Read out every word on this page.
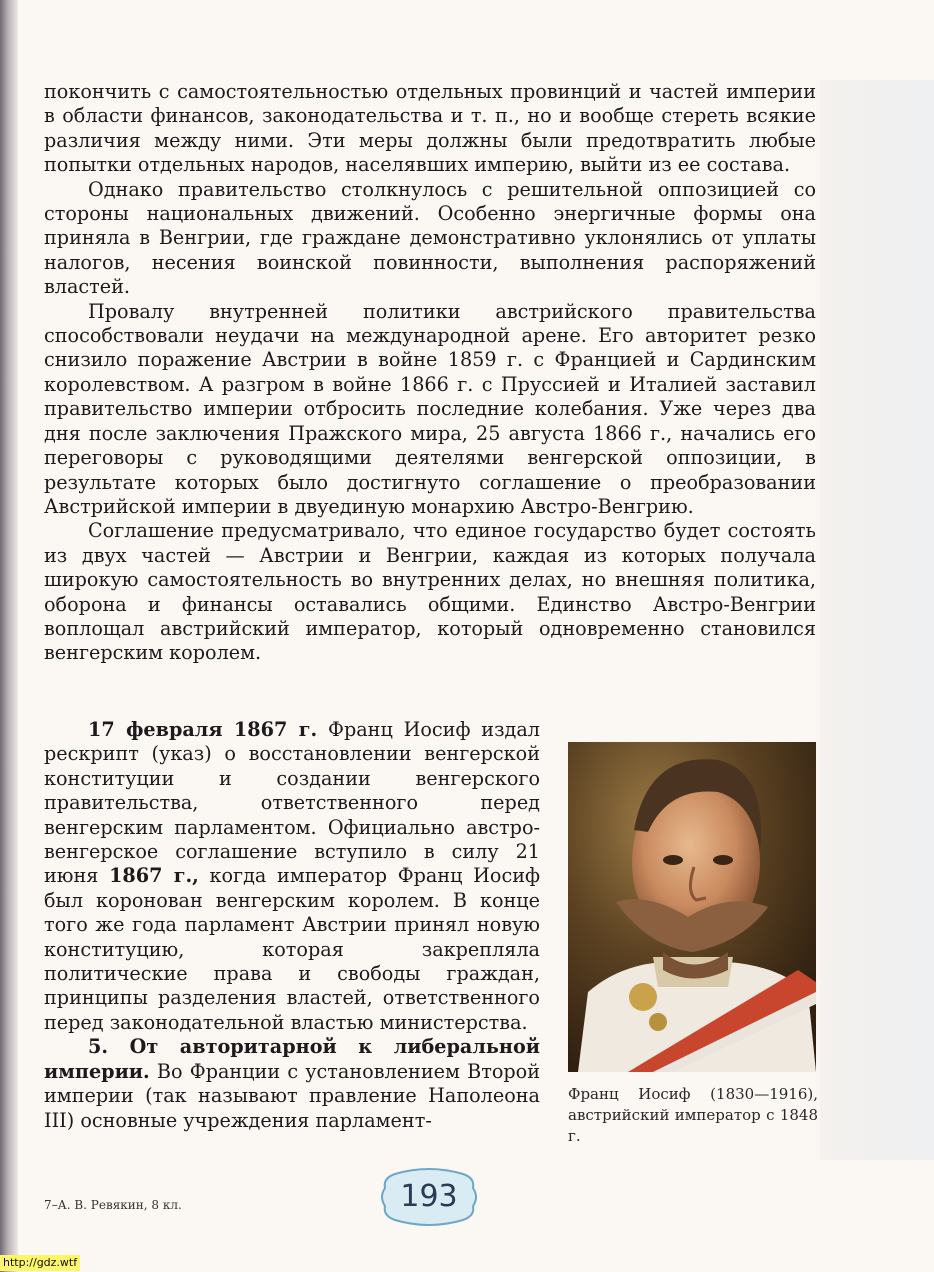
покончить с самостоятельностью отдельных провинций и частей империи в области финансов, законодательства и т. п., но и вообще стереть всякие различия между ними. Эти меры должны были предотвратить любые попытки отдельных народов, населявших империю, выйти из ее состава.

Однако правительство столкнулось с решительной оппозицией со стороны национальных движений. Особенно энергичные формы она приняла в Венгрии, где граждане демонстративно уклонялись от уплаты налогов, несения воинской повинности, выполнения распоряжений властей.

Провалу внутренней политики австрийского правительства способствовали неудачи на международной арене. Его авторитет резко снизило поражение Австрии в войне 1859 г. с Францией и Сардинским королевством. А разгром в войне 1866 г. с Пруссией и Италией заставил правительство империи отбросить последние колебания. Уже через два дня после заключения Пражского мира, 25 августа 1866 г., начались его переговоры с руководящими деятелями венгерской оппозиции, в результате которых было достигнуто соглашение о преобразовании Австрийской империи в двуединую монархию Австро-Венгрию.

Соглашение предусматривало, что единое государство будет состоять из двух частей — Австрии и Венгрии, каждая из которых получала широкую самостоятельность во внутренних делах, но внешняя политика, оборона и финансы оставались общими. Единство Австро-Венгрии воплощал австрийский император, который одновременно становился венгерским королем.

17 февраля 1867 г. Франц Иосиф издал рескрипт (указ) о восстановлении венгерской конституции и создании венгерского правительства, ответственного перед венгерским парламентом. Официально австро-венгерское соглашение вступило в силу 21 июня 1867 г., когда император Франц Иосиф был коронован венгерским королем. В конце того же года парламент Австрии принял новую конституцию, которая закрепляла политические права и свободы граждан, принципы разделения властей, ответственного перед законодательной властью министерства.

5. От авторитарной к либеральной империи. Во Франции с установлением Второй империи (так называют правление Наполеона III) основные учреждения парламент-

Франц Иосиф (1830—1916), австрийский император с 1848 г.
193
7–А. В. Ревякин, 8 кл.
http://gdz.wtf
